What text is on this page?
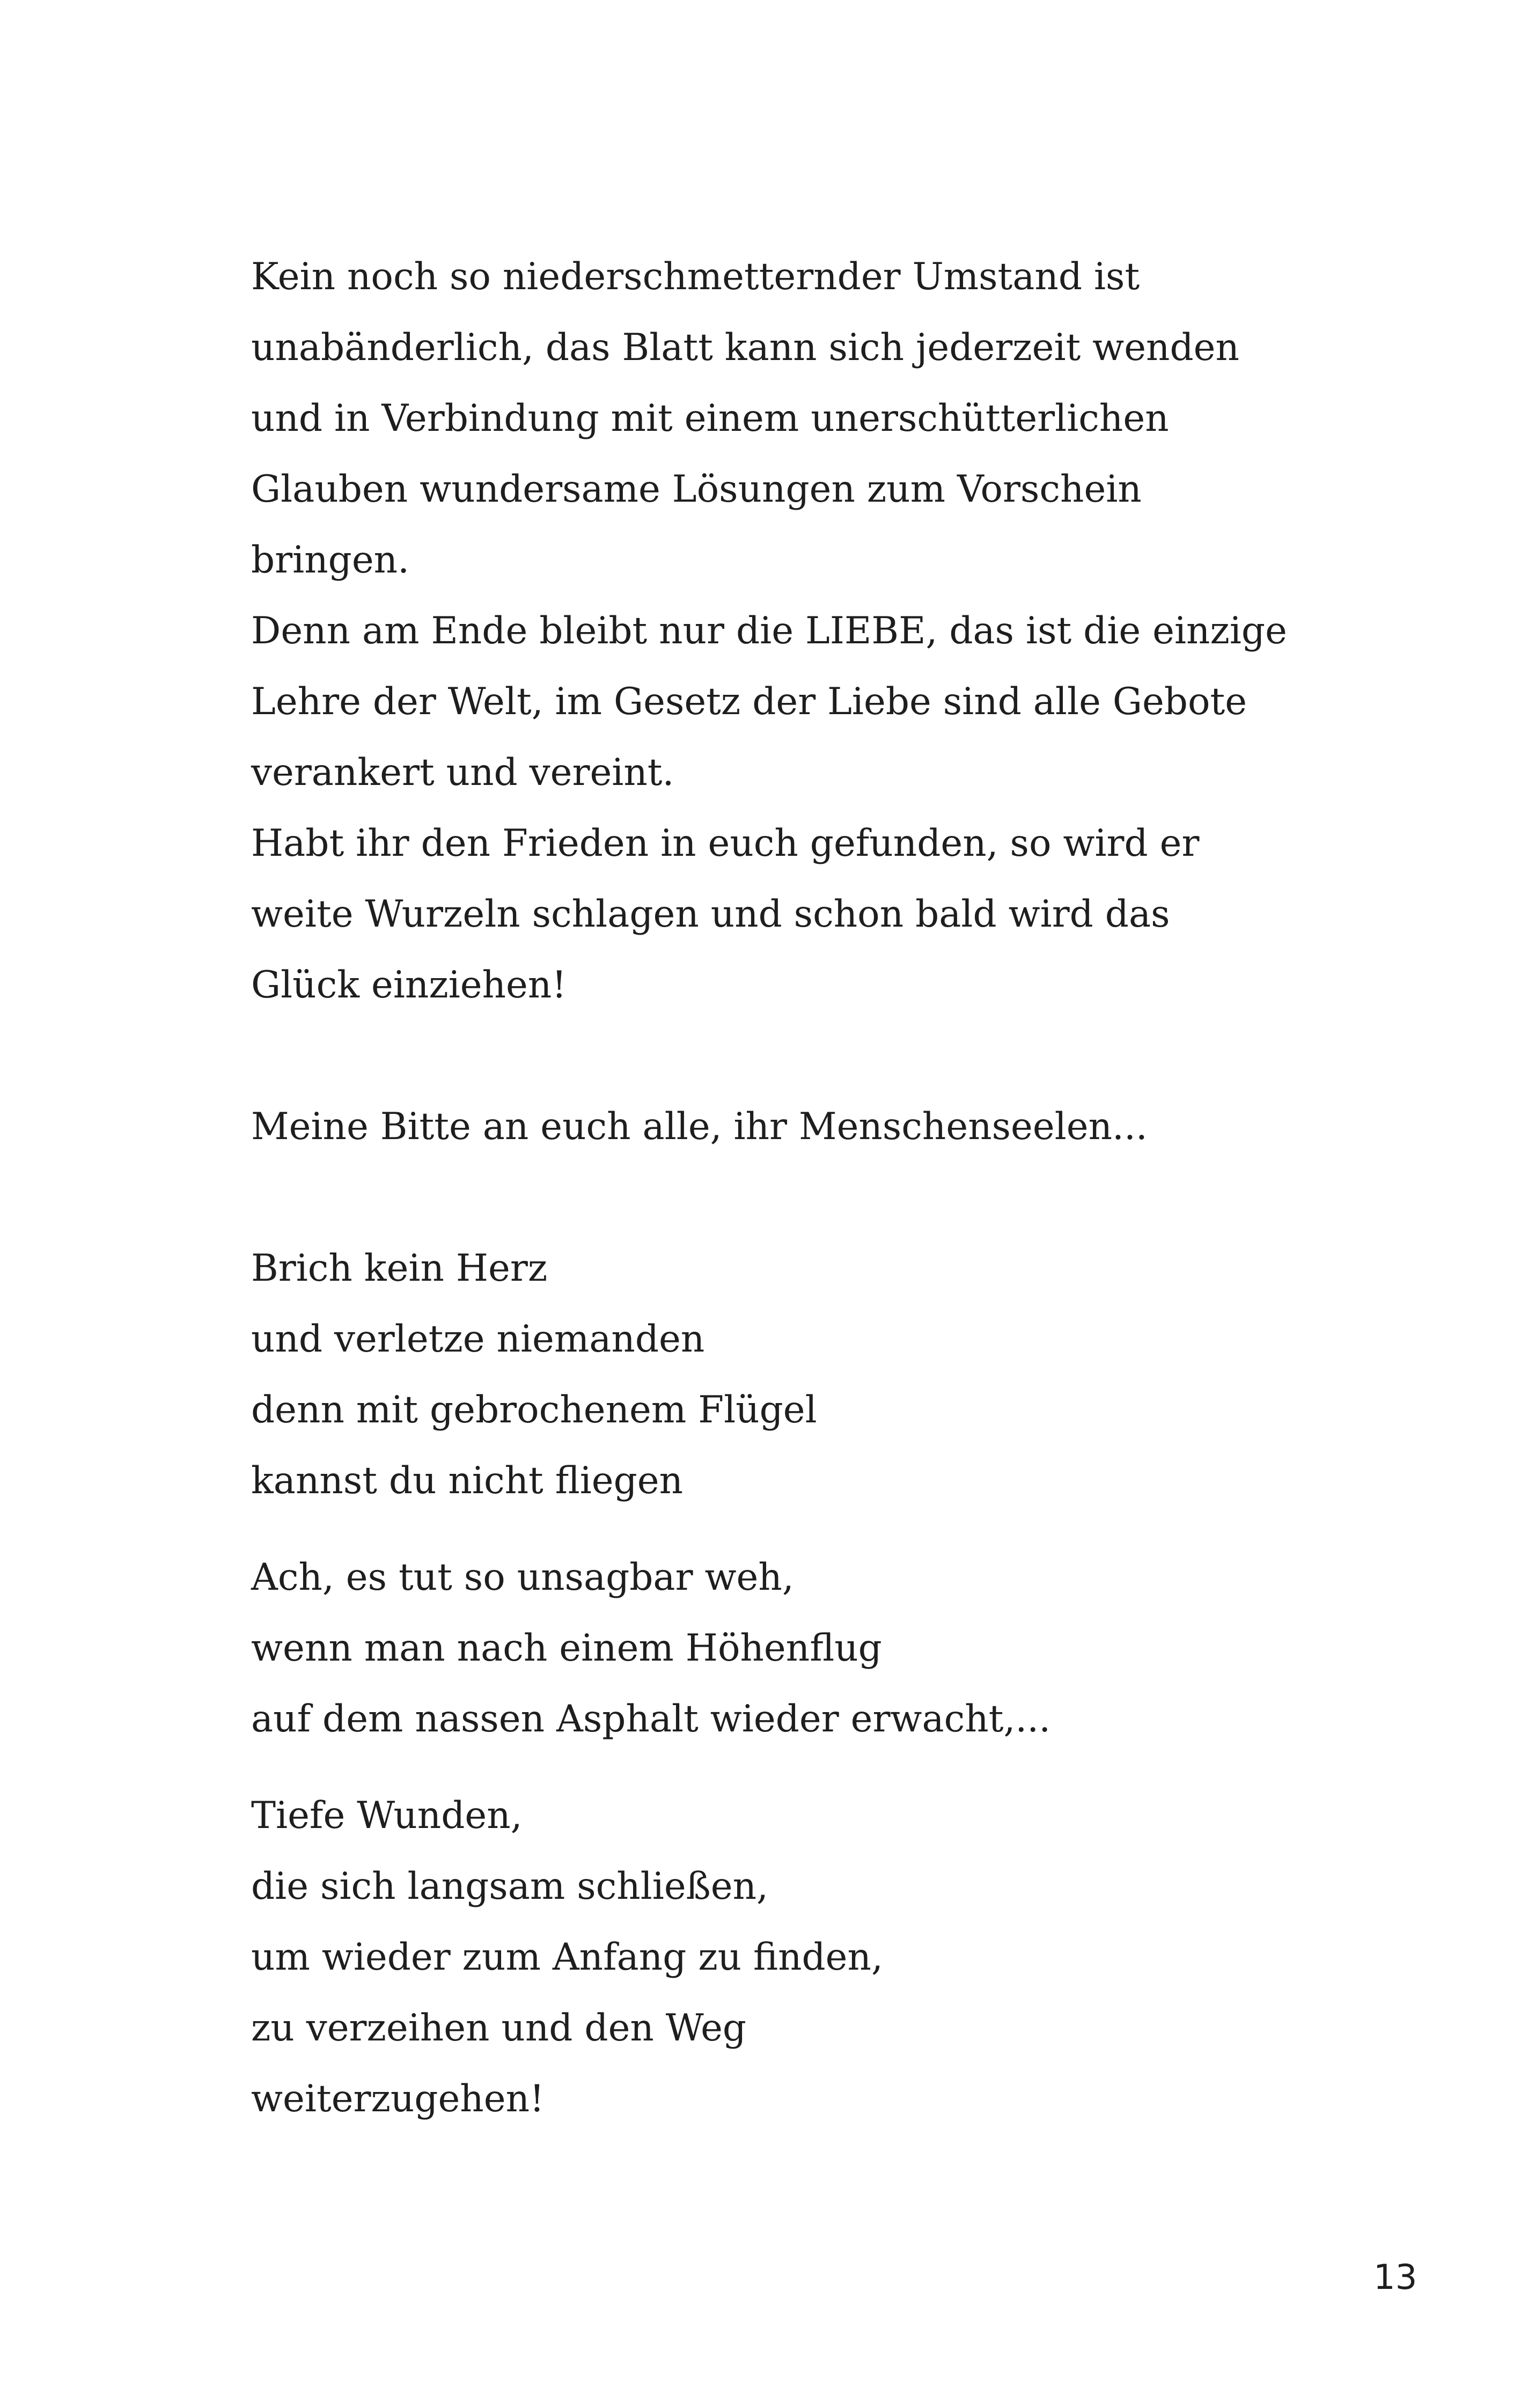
Kein noch so niederschmetternder Umstand ist
unabänderlich, das Blatt kann sich jederzeit wenden
und in Verbindung mit einem unerschütterlichen
Glauben wundersame Lösungen zum Vorschein
bringen.
Denn am Ende bleibt nur die LIEBE, das ist die einzige
Lehre der Welt, im Gesetz der Liebe sind alle Gebote
verankert und vereint.
Habt ihr den Frieden in euch gefunden, so wird er
weite Wurzeln schlagen und schon bald wird das
Glück einziehen!
Meine Bitte an euch alle, ihr Menschenseelen...
Brich kein Herz
und verletze niemanden
denn mit gebrochenem Flügel
kannst du nicht fliegen
Ach, es tut so unsagbar weh,
wenn man nach einem Höhenflug
auf dem nassen Asphalt wieder erwacht,...
Tiefe Wunden,
die sich langsam schließen,
um wieder zum Anfang zu finden,
zu verzeihen und den Weg
weiterzugehen!
13
